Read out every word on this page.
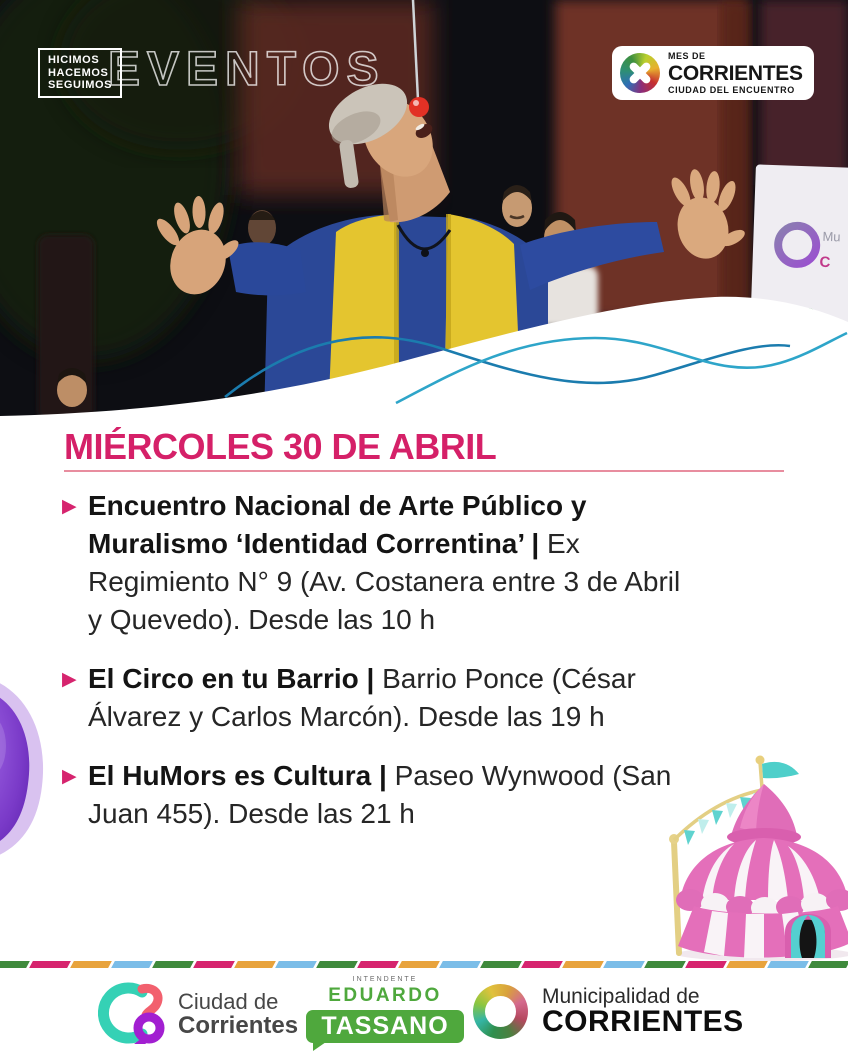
Mu
C
HICIMOS
HACEMOS
SEGUIMOS
EVENTOS	MES DE
CORRIENTES
CIUDAD DEL ENCUENTRO
MIÉRCOLES 30 DE ABRIL
▶ Encuentro Nacional de Arte Público y Muralismo ‘Identidad Correntina’ | Ex Regimiento N° 9 (Av. Costanera entre 3 de Abril y Quevedo). Desde las 10 h

▶ El Circo en tu Barrio | Barrio Ponce (César Álvarez y Carlos Marcón). Desde las 19 h

▶ El HuMors es Cultura | Paseo Wynwood (San Juan 455). Desde las 21 h

Ciudad de
Corrientes
INTENDENTE
EDUARDO
TASSANO
Municipalidad de
CORRIENTES
